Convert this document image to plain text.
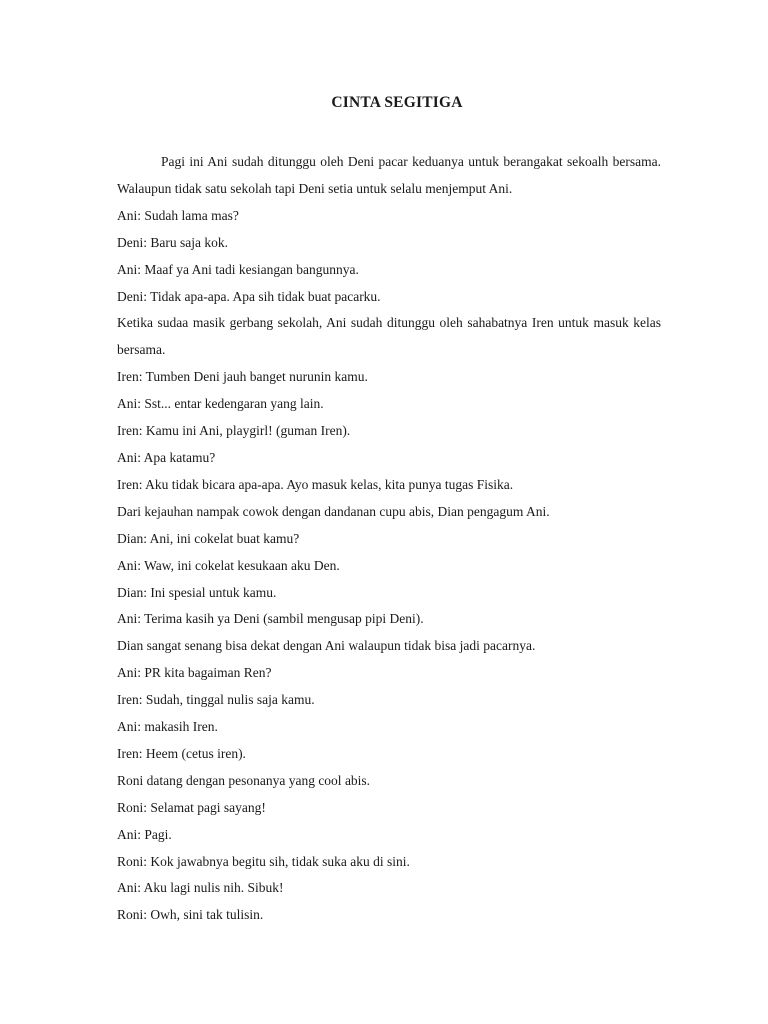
CINTA SEGITIGA

Pagi ini Ani sudah ditunggu oleh Deni pacar keduanya untuk berangakat sekoalh bersama. Walaupun tidak satu sekolah tapi Deni setia untuk selalu menjemput Ani.

Ani: Sudah lama mas?

Deni: Baru saja kok.

Ani: Maaf ya Ani tadi kesiangan bangunnya.

Deni: Tidak apa-apa. Apa sih tidak buat pacarku.

Ketika sudaa masik gerbang sekolah, Ani sudah ditunggu oleh sahabatnya Iren untuk masuk kelas bersama.

Iren: Tumben Deni jauh banget nurunin kamu.

Ani: Sst... entar kedengaran yang lain.

Iren: Kamu ini Ani, playgirl! (guman Iren).

Ani: Apa katamu?

Iren: Aku tidak bicara apa-apa. Ayo masuk kelas, kita punya tugas Fisika.

Dari kejauhan nampak cowok dengan dandanan cupu abis, Dian pengagum Ani.

Dian: Ani, ini cokelat buat kamu?

Ani: Waw, ini cokelat kesukaan aku Den.

Dian: Ini spesial untuk kamu.

Ani: Terima kasih ya Deni (sambil mengusap pipi Deni).

Dian sangat senang bisa dekat dengan Ani walaupun tidak bisa jadi pacarnya.

Ani: PR kita bagaiman Ren?

Iren: Sudah, tinggal nulis saja kamu.

Ani: makasih Iren.

Iren: Heem (cetus iren).

Roni datang dengan pesonanya yang cool abis.

Roni: Selamat pagi sayang!

Ani: Pagi.

Roni: Kok jawabnya begitu sih, tidak suka aku di sini.

Ani: Aku lagi nulis nih. Sibuk!

Roni: Owh, sini tak tulisin.
